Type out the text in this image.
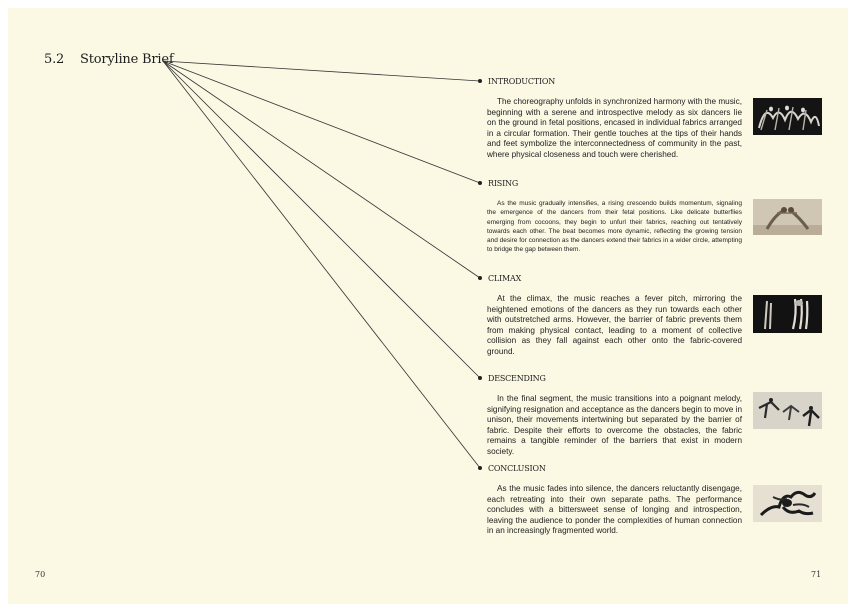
5.2 Storyline Brief
INTRODUCTION

The choreography unfolds in synchronized harmony with the music, beginning with a serene and introspective melody as six dancers lie on the ground in fetal positions, encased in individual fabrics arranged in a circular formation. Their gentle touches at the tips of their hands and feet symbolize the interconnectedness of community in the past, where physical closeness and touch were cherished.

RISING

As the music gradually intensifies, a rising crescendo builds momentum, signaling the emergence of the dancers from their fetal positions. Like delicate butterflies emerging from cocoons, they begin to unfurl their fabrics, reaching out tentatively towards each other. The beat becomes more dynamic, reflecting the growing tension and desire for connection as the dancers extend their fabrics in a wider circle, attempting to bridge the gap between them.

CLIMAX

At the climax, the music reaches a fever pitch, mirroring the heightened emotions of the dancers as they run towards each other with outstretched arms. However, the barrier of fabric prevents them from making physical contact, leading to a moment of collective collision as they fall against each other onto the fabric-covered ground.

DESCENDING

In the final segment, the music transitions into a poignant melody, signifying resignation and acceptance as the dancers begin to move in unison, their movements intertwining but separated by the barrier of fabric. Despite their efforts to overcome the obstacles, the fabric remains a tangible reminder of the barriers that exist in modern society.

CONCLUSION

As the music fades into silence, the dancers reluctantly disengage, each retreating into their own separate paths. The performance concludes with a bittersweet sense of longing and introspection, leaving the audience to ponder the complexities of human connection in an increasingly fragmented world.

70	71
